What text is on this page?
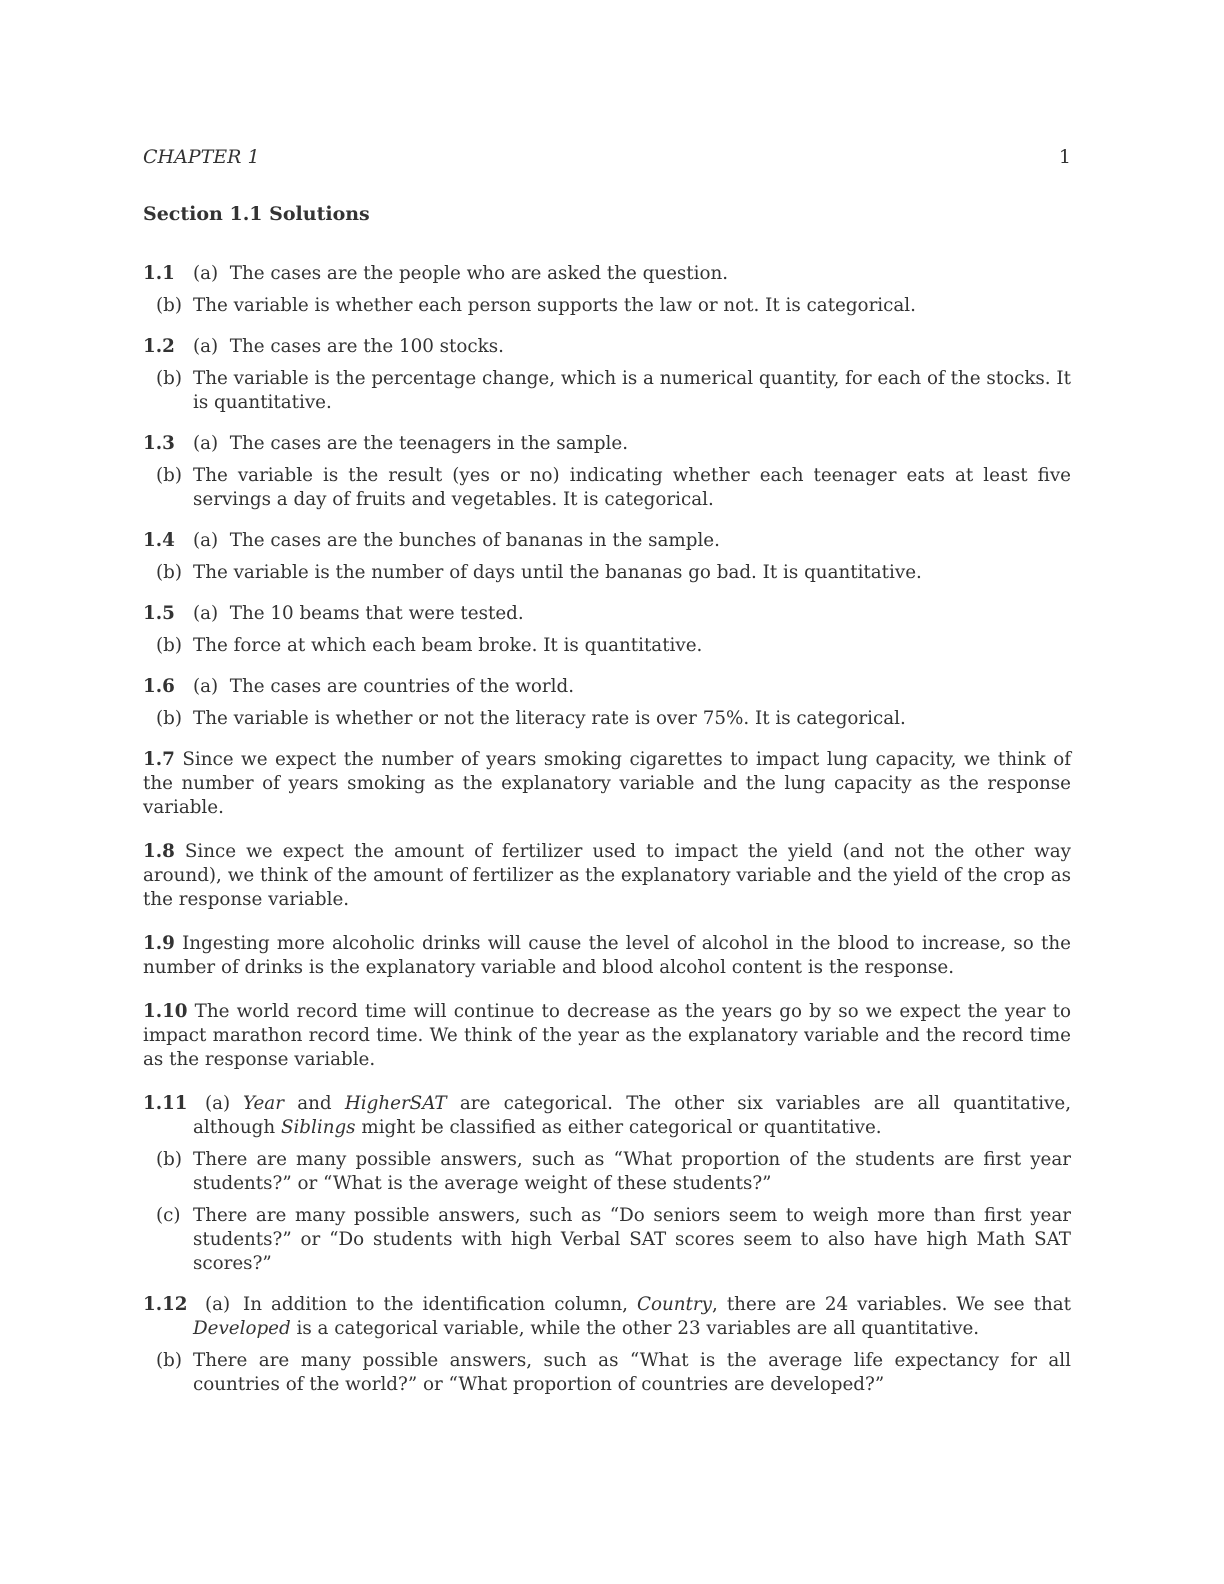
CHAPTER 1	1
Section 1.1 Solutions
1.1 (a) The cases are the people who are asked the question.
(b) The variable is whether each person supports the law or not. It is categorical.
1.2 (a) The cases are the 100 stocks.
(b) The variable is the percentage change, which is a numerical quantity, for each of the stocks. It is quantitative.
1.3 (a) The cases are the teenagers in the sample.
(b) The variable is the result (yes or no) indicating whether each teenager eats at least five servings a day of fruits and vegetables. It is categorical.
1.4 (a) The cases are the bunches of bananas in the sample.
(b) The variable is the number of days until the bananas go bad. It is quantitative.
1.5 (a) The 10 beams that were tested.
(b) The force at which each beam broke. It is quantitative.
1.6 (a) The cases are countries of the world.
(b) The variable is whether or not the literacy rate is over 75%. It is categorical.
1.7 Since we expect the number of years smoking cigarettes to impact lung capacity, we think of the number of years smoking as the explanatory variable and the lung capacity as the response variable.
1.8 Since we expect the amount of fertilizer used to impact the yield (and not the other way around), we think of the amount of fertilizer as the explanatory variable and the yield of the crop as the response variable.
1.9 Ingesting more alcoholic drinks will cause the level of alcohol in the blood to increase, so the number of drinks is the explanatory variable and blood alcohol content is the response.
1.10 The world record time will continue to decrease as the years go by so we expect the year to impact marathon record time. We think of the year as the explanatory variable and the record time as the response variable.
1.11 (a) Year and HigherSAT are categorical. The other six variables are all quantitative, although Siblings might be classified as either categorical or quantitative.
(b) There are many possible answers, such as “What proportion of the students are first year students?” or “What is the average weight of these students?”
(c) There are many possible answers, such as “Do seniors seem to weigh more than first year students?” or “Do students with high Verbal SAT scores seem to also have high Math SAT scores?”
1.12 (a) In addition to the identification column, Country, there are 24 variables. We see that Developed is a categorical variable, while the other 23 variables are all quantitative.
(b) There are many possible answers, such as “What is the average life expectancy for all countries of the world?” or “What proportion of countries are developed?”
